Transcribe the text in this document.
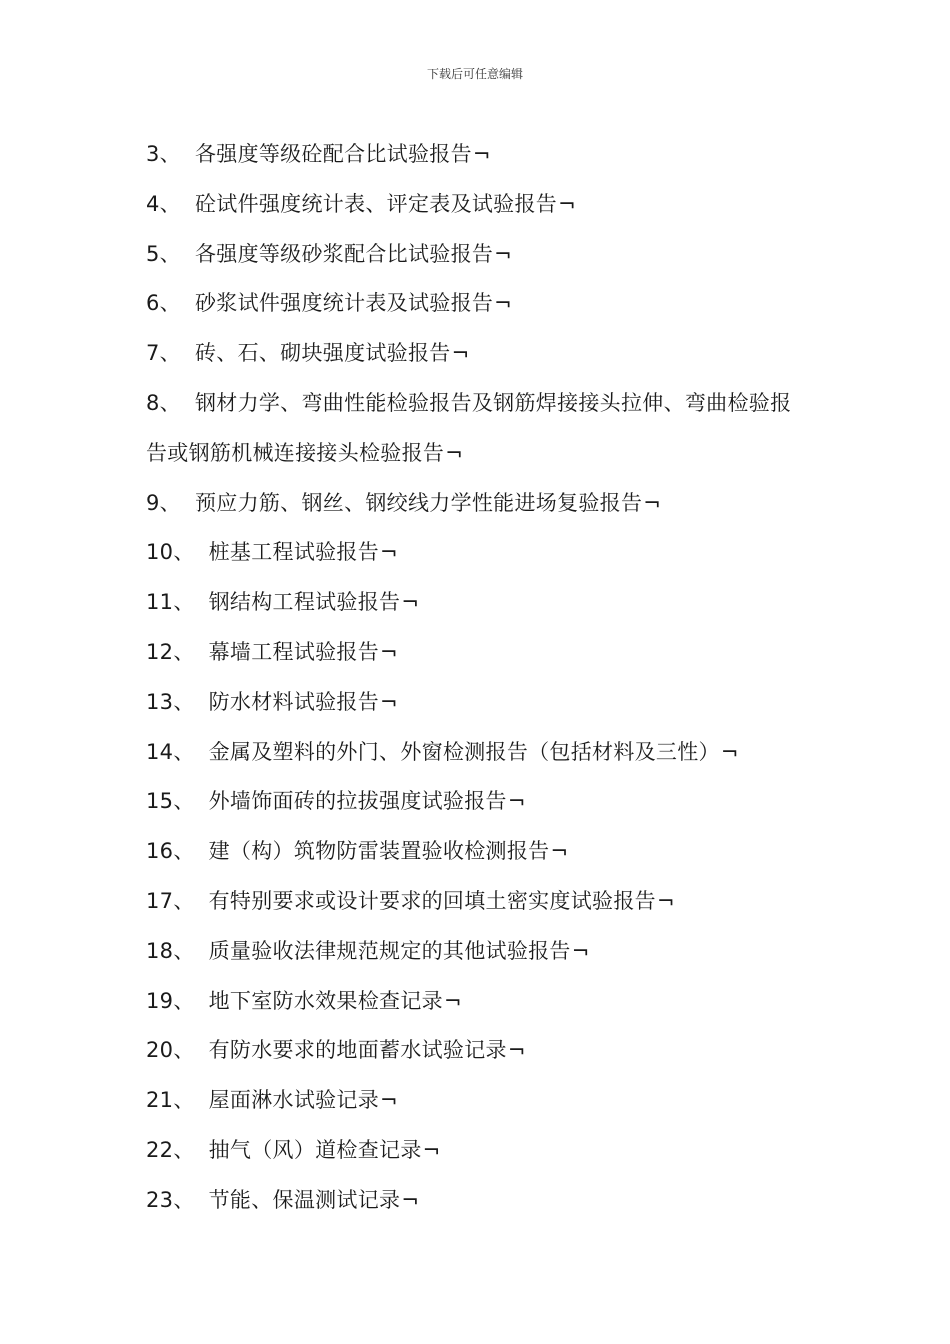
下载后可任意编辑
3、 各强度等级砼配合比试验报告¬
4、 砼试件强度统计表、评定表及试验报告¬
5、 各强度等级砂浆配合比试验报告¬
6、 砂浆试件强度统计表及试验报告¬
7、 砖、石、砌块强度试验报告¬
8、 钢材力学、弯曲性能检验报告及钢筋焊接接头拉伸、弯曲检验报告或钢筋机械连接接头检验报告¬
9、 预应力筋、钢丝、钢绞线力学性能进场复验报告¬
10、 桩基工程试验报告¬
11、 钢结构工程试验报告¬
12、 幕墙工程试验报告¬
13、 防水材料试验报告¬
14、 金属及塑料的外门、外窗检测报告（包括材料及三性）¬
15、 外墙饰面砖的拉拔强度试验报告¬
16、 建（构）筑物防雷装置验收检测报告¬
17、 有特别要求或设计要求的回填土密实度试验报告¬
18、 质量验收法律规范规定的其他试验报告¬
19、 地下室防水效果检查记录¬
20、 有防水要求的地面蓄水试验记录¬
21、 屋面淋水试验记录¬
22、 抽气（风）道检查记录¬
23、 节能、保温测试记录¬
